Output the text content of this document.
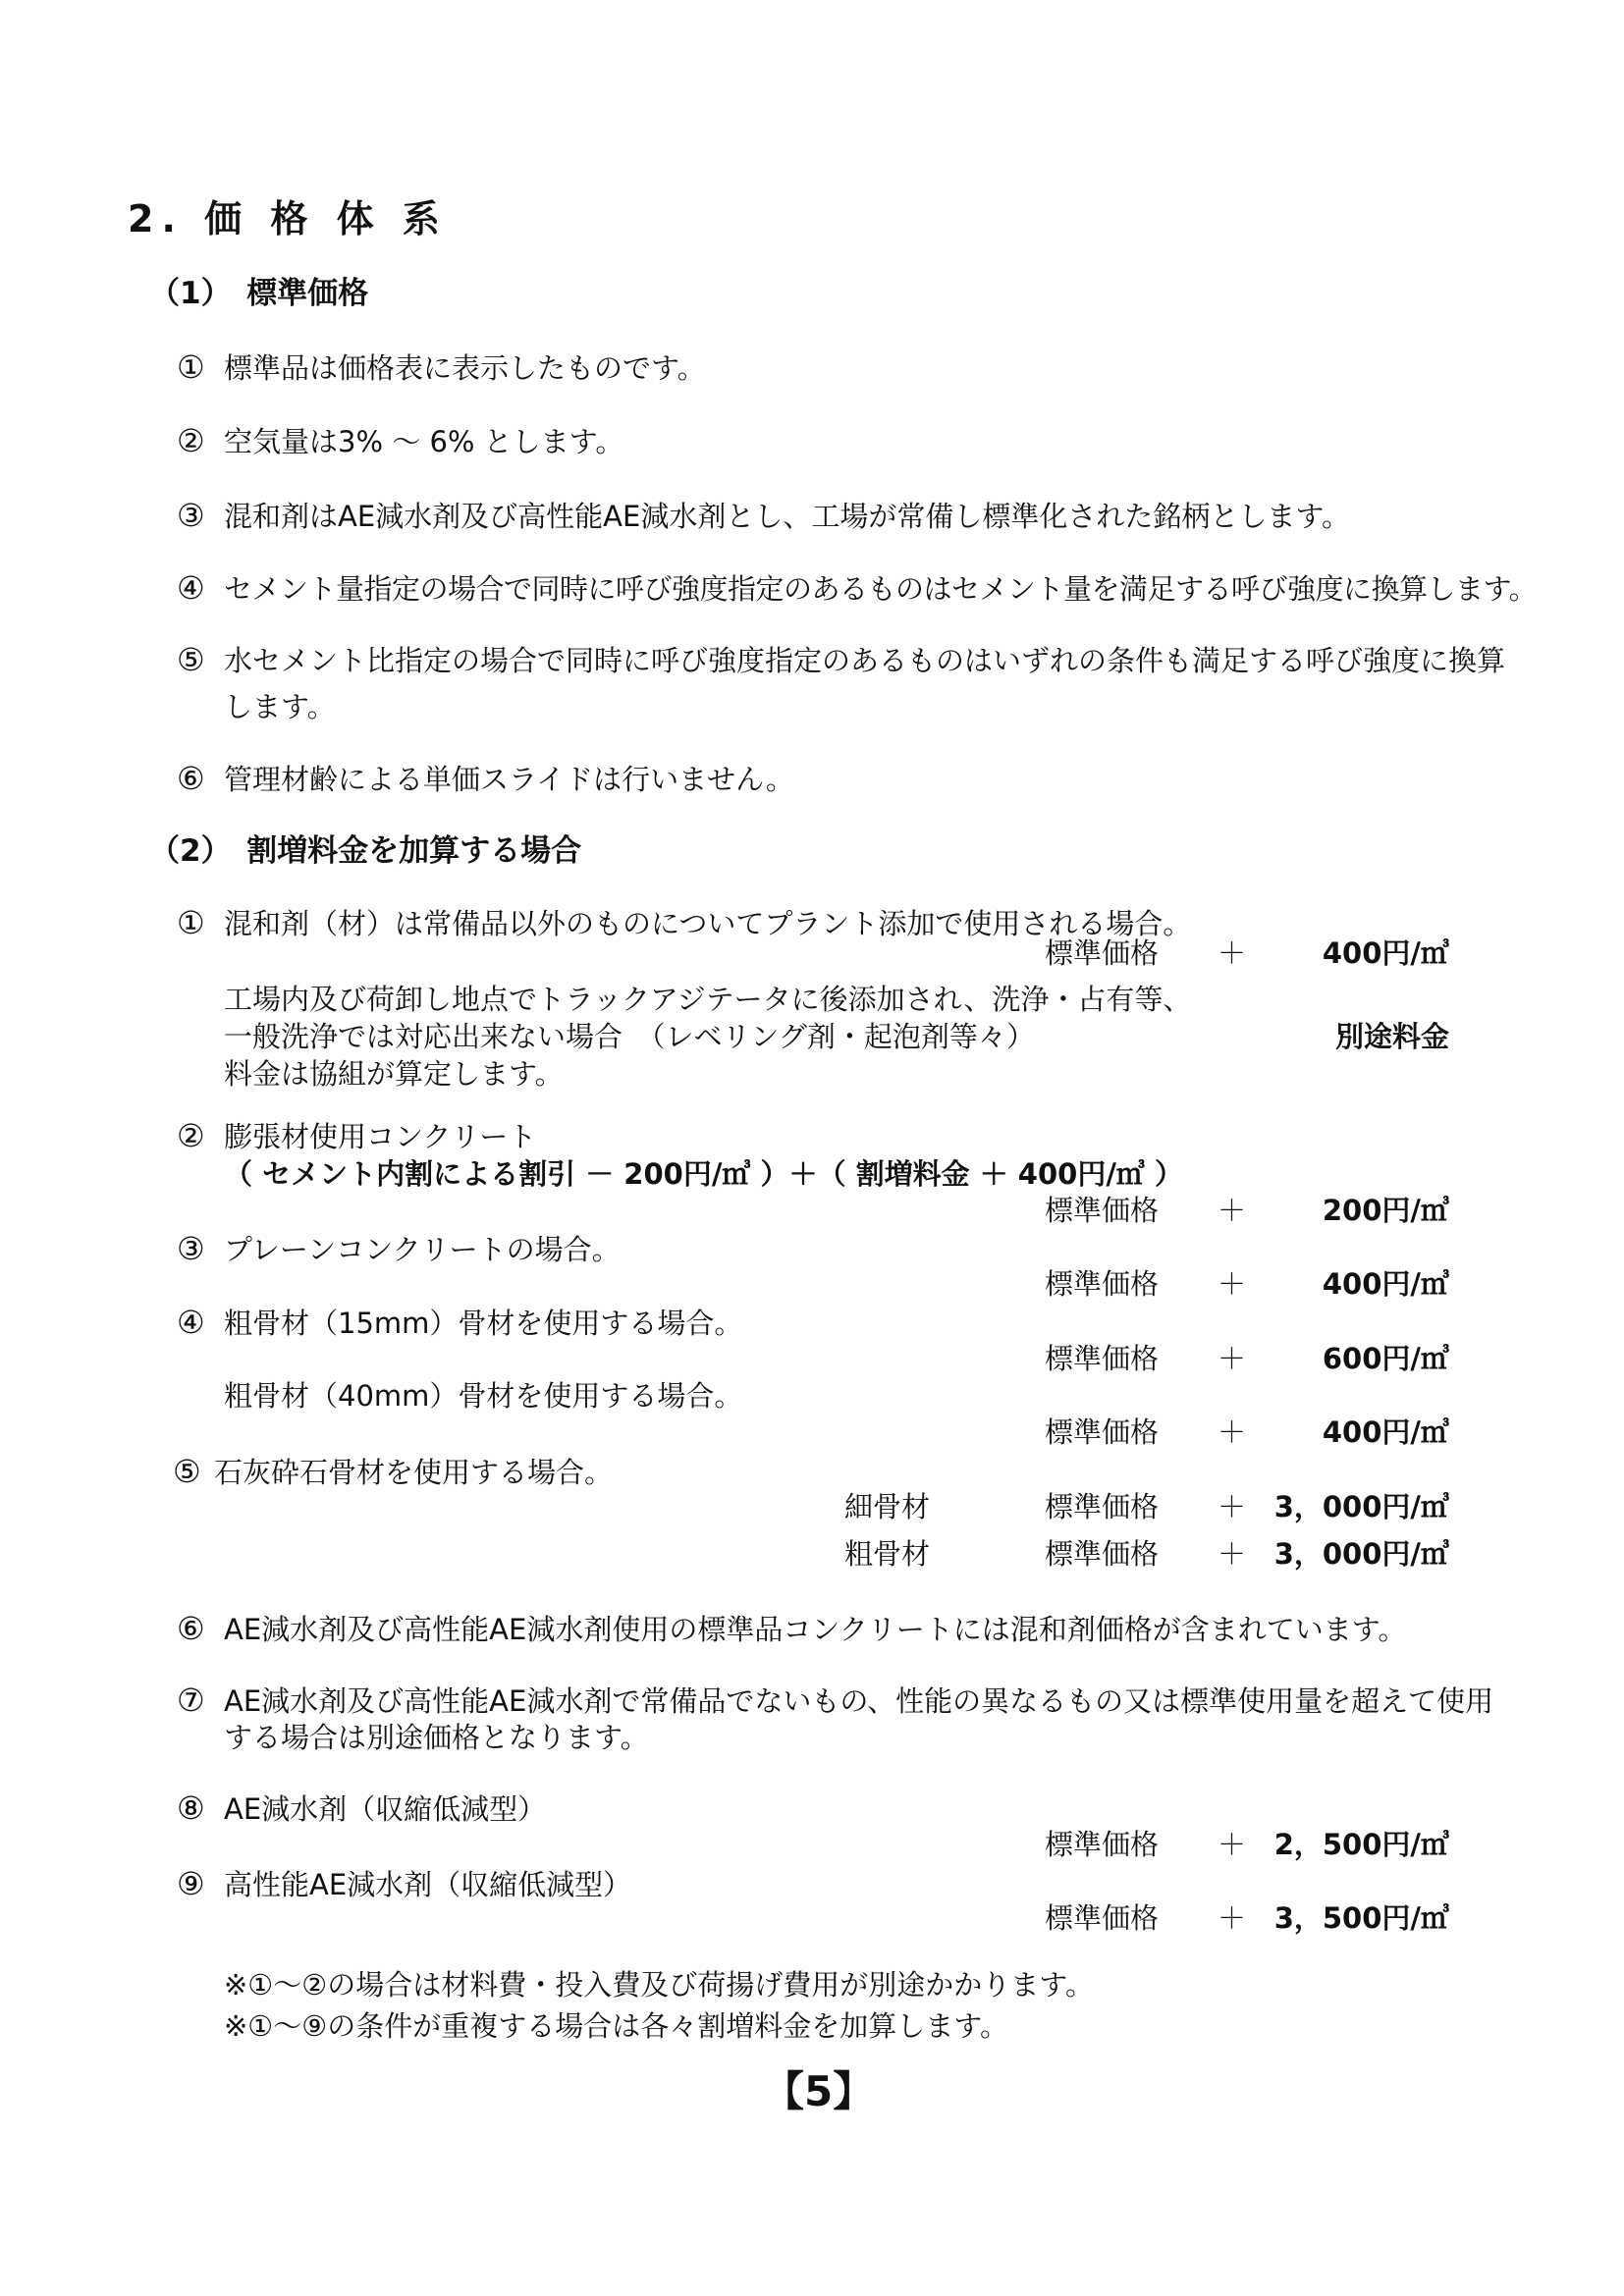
2. 価 格 体 系
（1）　標準価格
① 標準品は価格表に表示したものです。
② 空気量は3% ～ 6% とします。
③ 混和剤はAE減水剤及び高性能AE減水剤とし、工場が常備し標準化された銘柄とします。
④ セメント量指定の場合で同時に呼び強度指定のあるものはセメント量を満足する呼び強度に換算します。
⑤ 水セメント比指定の場合で同時に呼び強度指定のあるものはいずれの条件も満足する呼び強度に換算
します。
⑥ 管理材齢による単価スライドは行いません。
（2）　割増料金を加算する場合
① 混和剤（材）は常備品以外のものについてプラント添加で使用される場合。
標準価格 ＋	400円/㎥
工場内及び荷卸し地点でトラックアジテータに後添加され、洗浄・占有等、
一般洗浄では対応出来ない場合　（レベリング剤・起泡剤等々）	別途料金
料金は協組が算定します。
② 膨張材使用コンクリート
（ セメント内割による割引 － 200円/㎥ ）＋（ 割増料金 ＋ 400円/㎥ ）
標準価格 ＋	200円/㎥
③ プレーンコンクリートの場合。
標準価格 ＋	400円/㎥
④ 粗骨材（15mm）骨材を使用する場合。
標準価格 ＋	600円/㎥
粗骨材（40mm）骨材を使用する場合。
標準価格 ＋	400円/㎥
⑤ 石灰砕石骨材を使用する場合。
細骨材	標準価格 ＋ 3，000円/㎥
粗骨材	標準価格 ＋ 3，000円/㎥
⑥ AE減水剤及び高性能AE減水剤使用の標準品コンクリートには混和剤価格が含まれています。
⑦ AE減水剤及び高性能AE減水剤で常備品でないもの、性能の異なるもの又は標準使用量を超えて使用
する場合は別途価格となります。
⑧ AE減水剤（収縮低減型）
標準価格 ＋ 2，500円/㎥
⑨ 高性能AE減水剤（収縮低減型）
標準価格 ＋ 3，500円/㎥
※①～②の場合は材料費・投入費及び荷揚げ費用が別途かかります。
※①～⑨の条件が重複する場合は各々割増料金を加算します。
【5】
